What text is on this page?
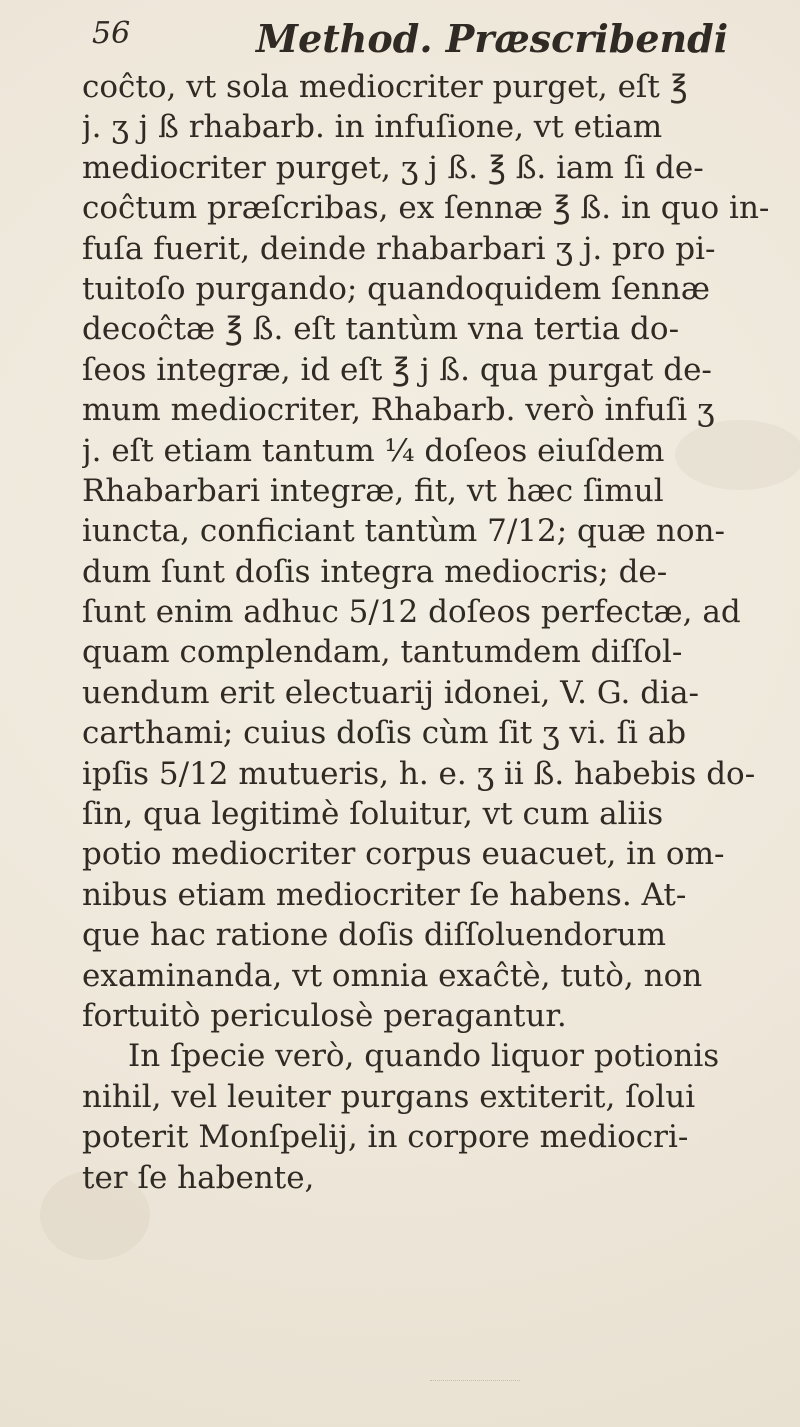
56	Method. Præscribendi
coĉto, vt sola mediocriter purget, eſt ℥
j. ʒ j ß rhabarb. in infuſione, vt etiam
mediocriter purget, ʒ j ß. ℥ ß. iam ſi de-
coĉtum præſcribas, ex ſennæ ℥ ß. in quo in-
fuſa fuerit, deinde rhabarbari ʒ j. pro pi-
tuitoſo purgando; quandoquidem ſennæ
decoĉtæ ℥ ß. eſt tantùm vna tertia do-
ſeos integræ, id eſt ℥ j ß. qua purgat de-
mum mediocriter, Rhabarb. verò infuſi ʒ
j. eſt etiam tantum ¼ doſeos eiuſdem
Rhabarbari integræ, fit, vt hæc ſimul
iuncta, conficiant tantùm 7/12; quæ non-
dum ſunt doſis integra mediocris; de-
ſunt enim adhuc 5/12 doſeos perfectæ, ad
quam complendam, tantumdem diſſol-
uendum erit electuarij idonei, V. G. dia-
carthami; cuius doſis cùm ſit ʒ vi. ſi ab
ipſis 5/12 mutueris, h. e. ʒ ii ß. habebis do-
ſin, qua legitimè ſoluitur, vt cum aliis
potio mediocriter corpus euacuet, in om-
nibus etiam mediocriter ſe habens. At-
que hac ratione doſis diſſoluendorum
examinanda, vt omnia exaĉtè, tutò, non
fortuitò periculosè peragantur.
In ſpecie verò, quando liquor potionis
nihil, vel leuiter purgans extiterit, ſolui
poterit Monſpelij, in corpore mediocri-
ter ſe habente,
